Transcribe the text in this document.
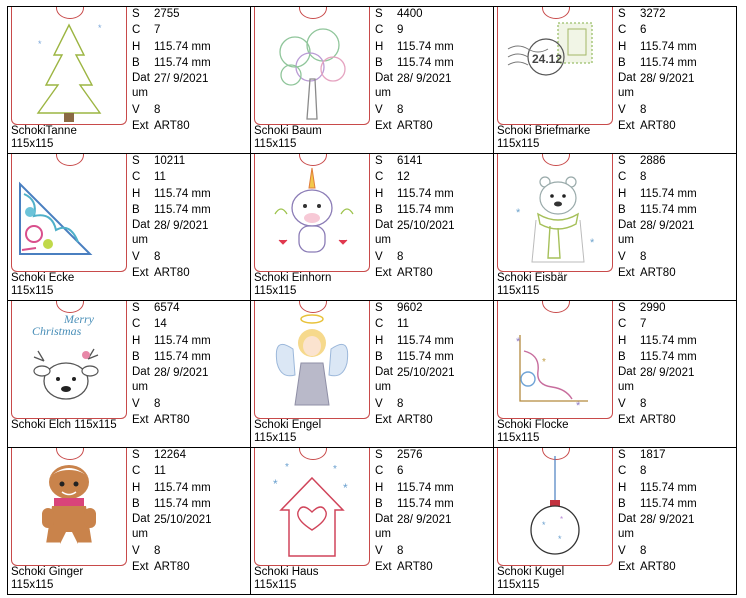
*
*
SchokiTanne
115x115
S 2755
C 7
H 115.74 mm
B 115.74 mm
Datum
27/ 9/2021
V 8
Ext ART80	Schoki Baum
115x115
S 4400
C 9
H 115.74 mm
B 115.74 mm
Datum
28/ 9/2021
V 8
Ext ART80
24.12
Schoki Briefmarke
115x115
S 3272
C 6
H 115.74 mm
B 115.74 mm
Datum
28/ 9/2021
V 8
Ext ART80
Schoki Ecke
115x115
S 10211
C 11
H 115.74 mm
B 115.74 mm
Datum
28/ 9/2021
V 8
Ext ART80	Schoki Einhorn
115x115
S 6141
C 12
H 115.74 mm
B 115.74 mm
Datum
25/10/2021
V 8
Ext ART80
*
*
Schoki Eisbär
115x115
S 2886
C 8
H 115.74 mm
B 115.74 mm
Datum
28/ 9/2021
V 8
Ext ART80
Merry
Christmas
Schoki Elch 115x115
S 6574
C 14
H 115.74 mm
B 115.74 mm
Datum
28/ 9/2021
V 8
Ext ART80	Schoki Engel
115x115
S 9602
C 11
H 115.74 mm
B 115.74 mm
Datum
25/10/2021
V 8
Ext ART80
*
*
*
Schoki Flocke
115x115
S 2990
C 7
H 115.74 mm
B 115.74 mm
Datum
28/ 9/2021
V 8
Ext ART80
Schoki Ginger
115x115
S 12264
C 11
H 115.74 mm
B 115.74 mm
Datum
25/10/2021
V 8
Ext ART80
*	*
*
*
Schoki Haus
115x115
S 2576
C 6
H 115.74 mm
B 115.74 mm
Datum
28/ 9/2021
V 8
Ext ART80
*
*
*
Schoki Kugel
115x115
S 1817
C 8
H 115.74 mm
B 115.74 mm
Datum
28/ 9/2021
V 8
Ext ART80
